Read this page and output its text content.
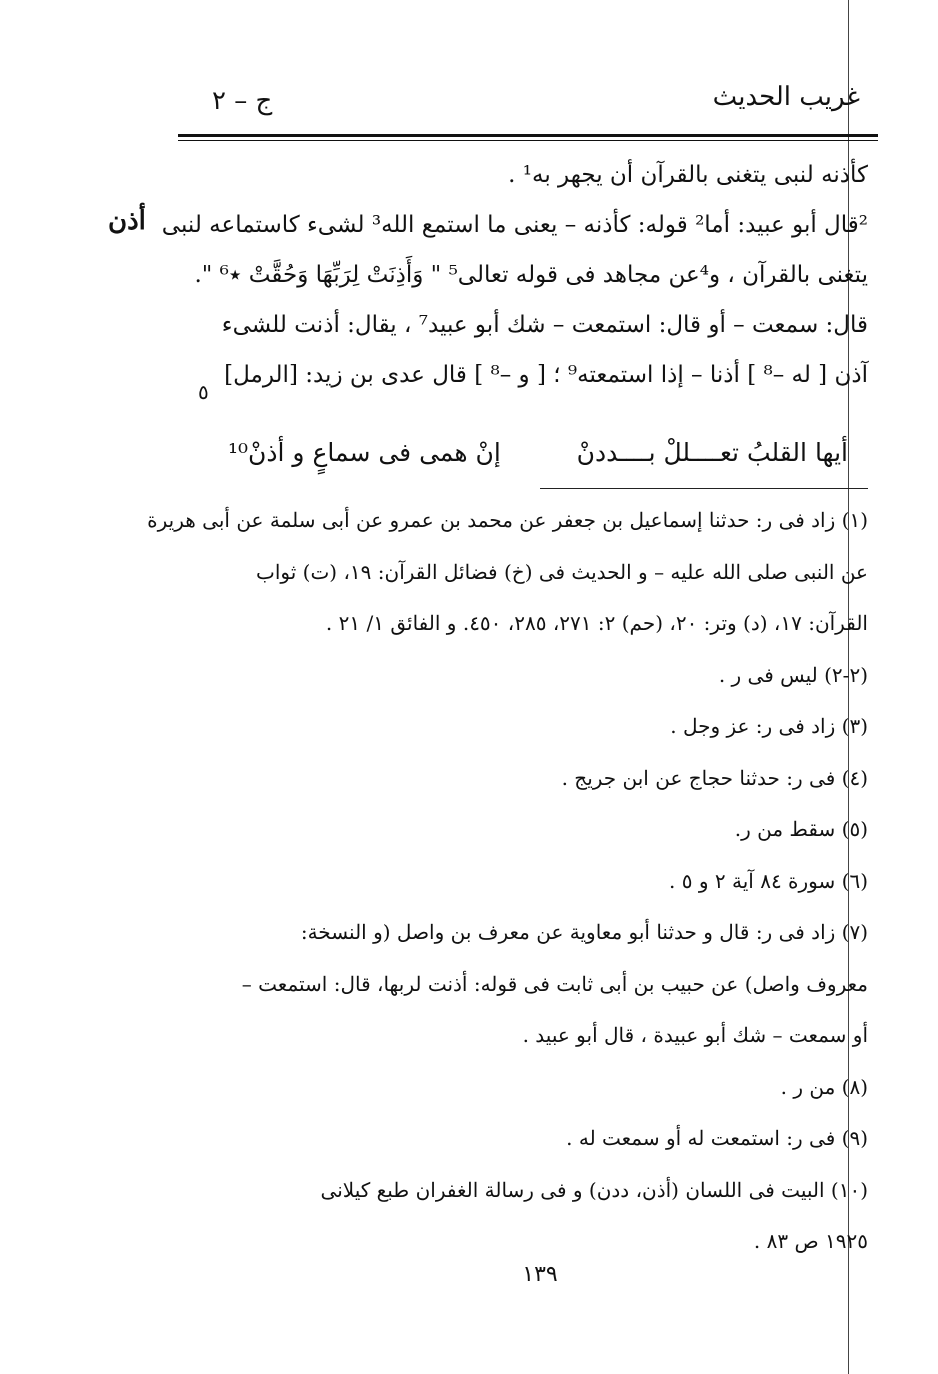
غريب الحديث
ج – ٢
أذن
كأذنه لنبى يتغنى بالقرآن أن يجهر به¹ .
²قال أبو عبيد: أما² قوله: كأذنه – يعنى ما استمع الله³ لشىء كاستماعه لنبى
يتغنى بالقرآن ، و⁴عن مجاهد فى قوله تعالى⁵ " وَأَذِنَتْ لِرَبِّهَا وَحُقَّتْ ٭⁶ ".
قال: سمعت – أو قال: استمعت – شك أبو عبيد⁷ ، يقال: أذنت للشىء
آذن [ له –⁸ ] أذنا – إذا استمعته⁹ ؛ [ و –⁸ ] قال عدى بن زيد: [الرمل]
٥
أيها القلبُ تعــــللْ بــــددنْ
إنْ همى فى سماعٍ و أذنْ¹⁰
(١) زاد فى ر: حدثنا إسماعيل بن جعفر عن محمد بن عمرو عن أبى سلمة عن أبى هريرة
عن النبى صلى الله عليه – و الحديث فى (خ) فضائل القرآن: ١٩، (ت) ثواب
القرآن: ١٧، (د) وتر: ٢٠، (حم) ٢: ٢٧١، ٢٨٥، ٤٥٠. و الفائق ١/ ٢١ .
(٢-٢) ليس فى ر .
(٣) زاد فى ر: عز وجل .
(٤) فى ر: حدثنا حجاج عن ابن جريج .
(٥) سقط من ر.
(٦) سورة ٨٤ آية ٢ و ٥ .
(٧) زاد فى ر: قال و حدثنا أبو معاوية عن معرف بن واصل (و النسخة:
معروف واصل) عن حبيب بن أبى ثابت فى قوله: أذنت لربها، قال: استمعت –
أو سمعت – شك أبو عبيدة ، قال أبو عبيد .
(٨) من ر .
(٩) فى ر: استمعت له أو سمعت له .
(١٠) البيت فى اللسان (أذن، ددن) و فى رسالة الغفران طبع كيلانى
١٩٢٥ ص ٨٣ .
١٣٩
